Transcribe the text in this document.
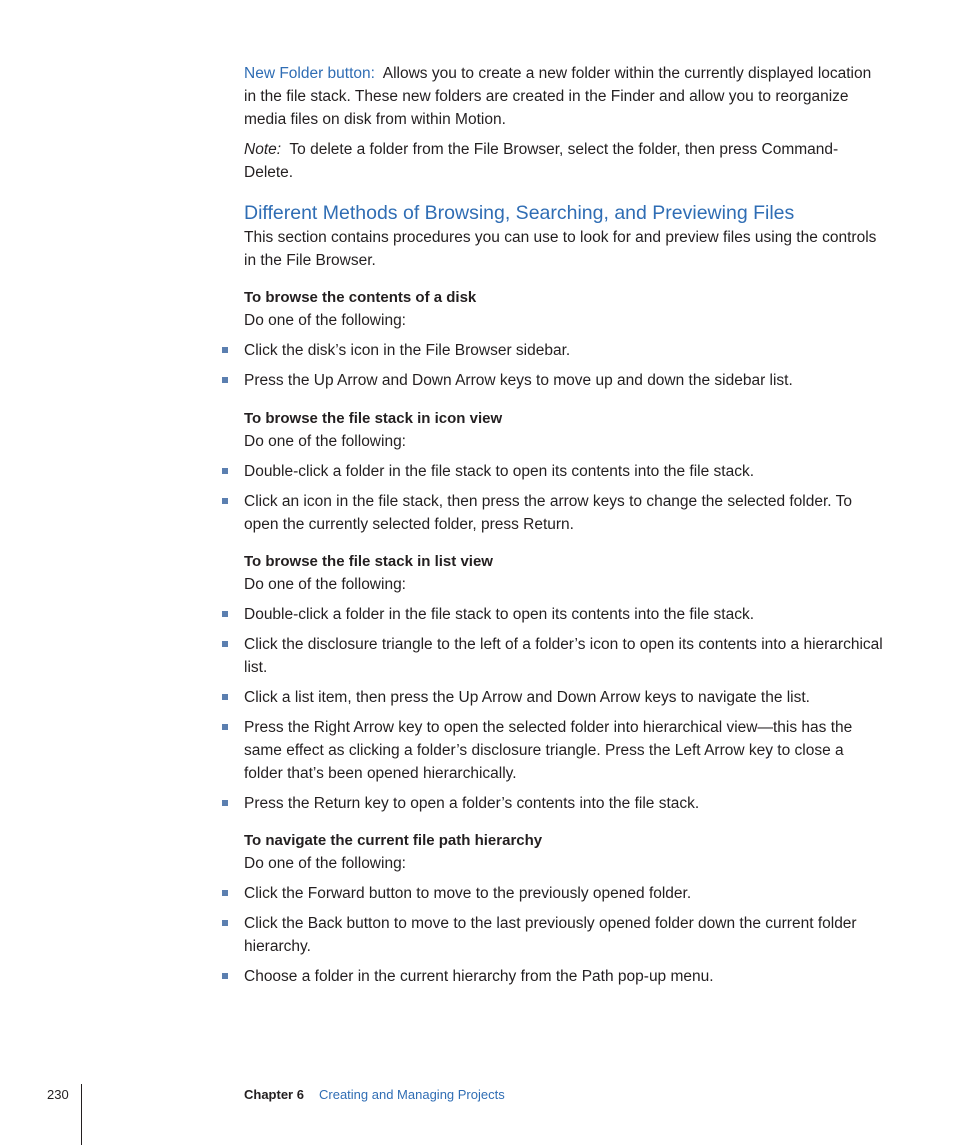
New Folder button: Allows you to create a new folder within the currently displayed location in the file stack. These new folders are created in the Finder and allow you to reorganize media files on disk from within Motion.
Note: To delete a folder from the File Browser, select the folder, then press Command-Delete.
Different Methods of Browsing, Searching, and Previewing Files
This section contains procedures you can use to look for and preview files using the controls in the File Browser.
To browse the contents of a disk
Do one of the following:
Click the disk’s icon in the File Browser sidebar.
Press the Up Arrow and Down Arrow keys to move up and down the sidebar list.
To browse the file stack in icon view
Do one of the following:
Double-click a folder in the file stack to open its contents into the file stack.
Click an icon in the file stack, then press the arrow keys to change the selected folder. To open the currently selected folder, press Return.
To browse the file stack in list view
Do one of the following:
Double-click a folder in the file stack to open its contents into the file stack.
Click the disclosure triangle to the left of a folder’s icon to open its contents into a hierarchical list.
Click a list item, then press the Up Arrow and Down Arrow keys to navigate the list.
Press the Right Arrow key to open the selected folder into hierarchical view—this has the same effect as clicking a folder’s disclosure triangle. Press the Left Arrow key to close a folder that’s been opened hierarchically.
Press the Return key to open a folder’s contents into the file stack.
To navigate the current file path hierarchy
Do one of the following:
Click the Forward button to move to the previously opened folder.
Click the Back button to move to the last previously opened folder down the current folder hierarchy.
Choose a folder in the current hierarchy from the Path pop-up menu.
230	Chapter 6 Creating and Managing Projects
